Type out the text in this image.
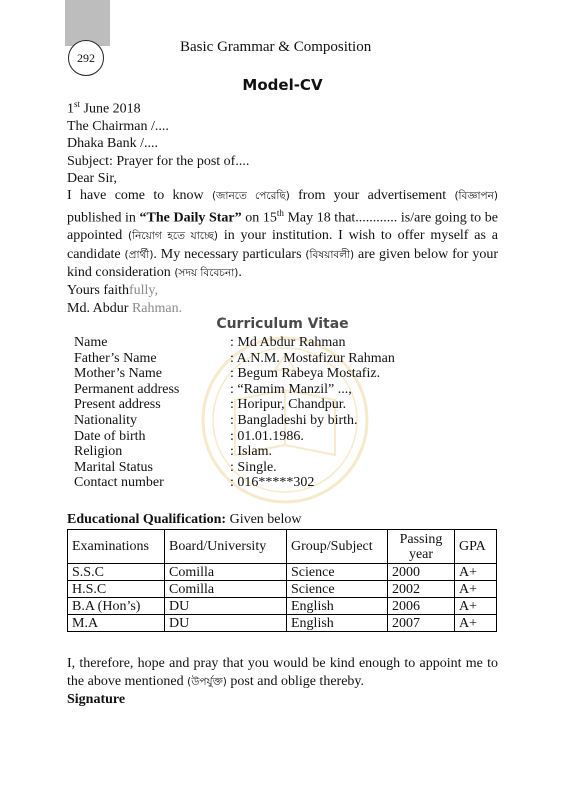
292
Basic Grammar & Composition
Model-CV

1st June 2018

The Chairman /....

Dhaka Bank /....

Subject: Prayer for the post of....

Dear Sir,

I have come to know (জানতে পেরেছি) from your advertisement (বিজ্ঞাপন) published in “The Daily Star” on 15th May 18 that............ is/are going to be appointed (নিয়োগ হতে যাচ্ছে) in your institution. I wish to offer myself as a candidate (প্রার্থী). My necessary particulars (বিষয়াবলী) are given below for your kind consideration (সদয় বিবেচনা).

Yours faithfully,

Md. Abdur Rahman.

Curriculum Vitae
Name	: Md Abdur Rahman
Father’s Name	: A.N.M. Mostafizur Rahman
Mother’s Name	: Begum Rabeya Mostafiz.
Permanent address	: “Ramim Manzil” ...,
Present address	: Horipur, Chandpur.
Nationality	: Bangladeshi by birth.
Date of birth	: 01.01.1986.
Religion	: Islam.
Marital Status	: Single.
Contact number	: 016*****302
Educational Qualification: Given below
Examinations	Board/University	Group/Subject	Passing year	GPA
S.S.C	Comilla	Science	2000	A+
H.S.C	Comilla	Science	2002	A+
B.A (Hon’s)	DU	English	2006	A+
M.A	DU	English	2007	A+

I, therefore, hope and pray that you would be kind enough to appoint me to the above mentioned (উপর্যুক্ত) post and oblige thereby.

Signature
